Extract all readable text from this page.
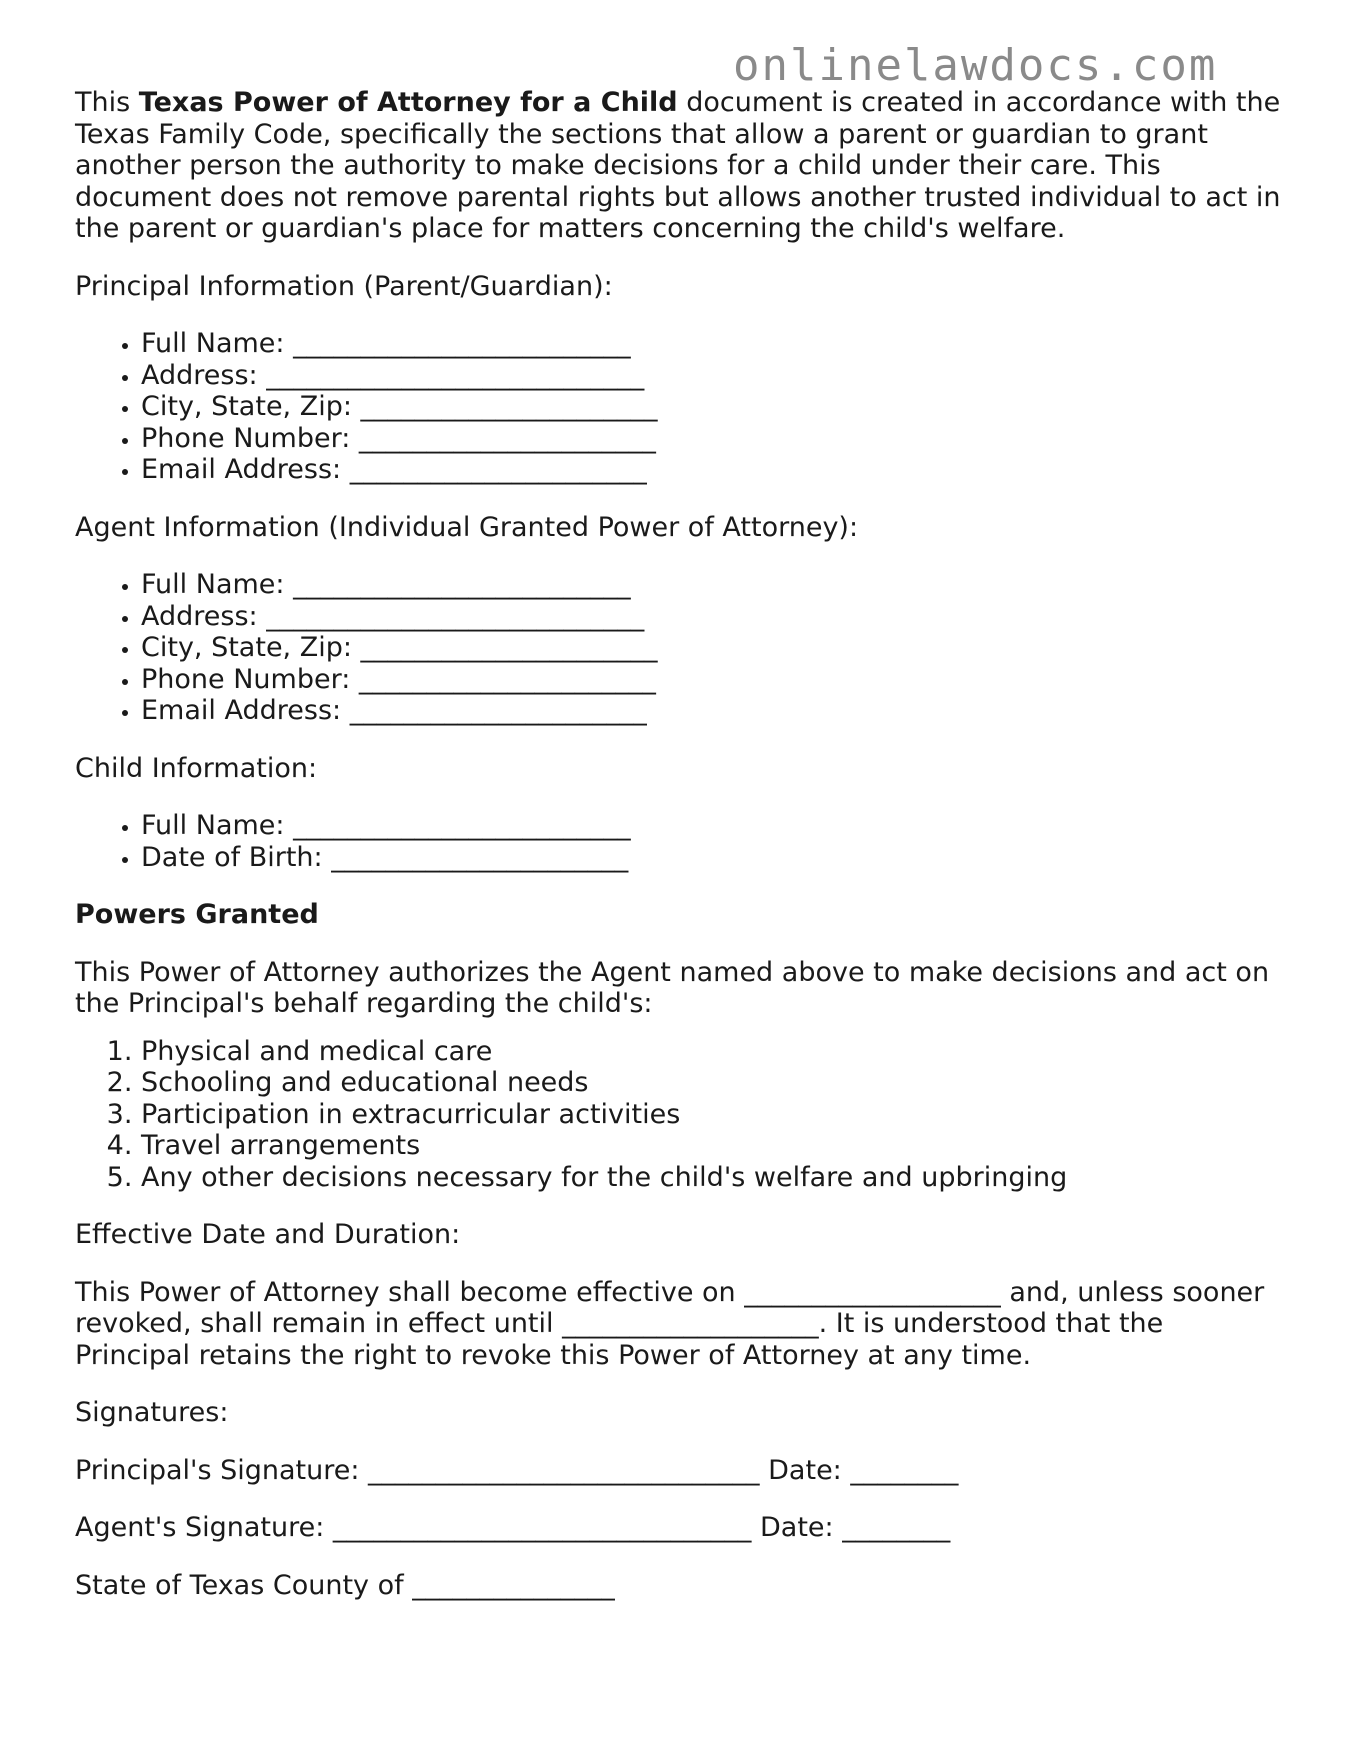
onlinelawdocs.com

This Texas Power of Attorney for a Child document is created in accordance with the Texas Family Code, specifically the sections that allow a parent or guardian to grant another person the authority to make decisions for a child under their care. This document does not remove parental rights but allows another trusted individual to act in the parent or guardian's place for matters concerning the child's welfare.

Principal Information (Parent/Guardian):

• Full Name: _________________________
• Address: ____________________________
• City, State, Zip: ______________________
• Phone Number: ______________________
• Email Address: ______________________

Agent Information (Individual Granted Power of Attorney):

• Full Name: _________________________
• Address: ____________________________
• City, State, Zip: ______________________
• Phone Number: ______________________
• Email Address: ______________________

Child Information:

• Full Name: _________________________
• Date of Birth: ______________________

Powers Granted

This Power of Attorney authorizes the Agent named above to make decisions and act on the Principal's behalf regarding the child's:

1. Physical and medical care
2. Schooling and educational needs
3. Participation in extracurricular activities
4. Travel arrangements
5. Any other decisions necessary for the child's welfare and upbringing

Effective Date and Duration:

This Power of Attorney shall become effective on ___________________ and, unless sooner revoked, shall remain in effect until ___________________. It is understood that the Principal retains the right to revoke this Power of Attorney at any time.

Signatures:

Principal's Signature: _____________________________ Date: ________

Agent's Signature: _______________________________ Date: ________

State of Texas County of _______________
